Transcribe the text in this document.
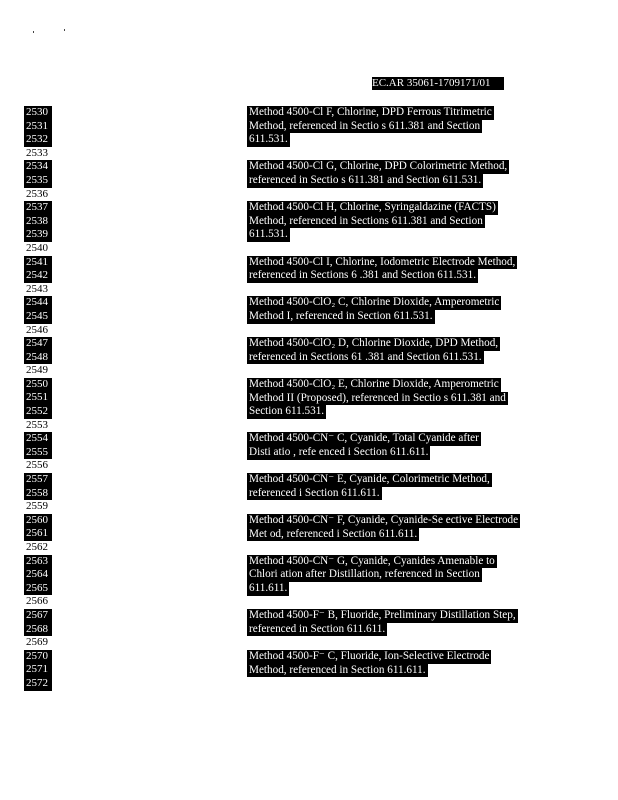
EC.AR 35061-1709171/01
2530
2531
2532
2533
2534
2535
2536
2537
2538
2539
2540
2541
2542
2543
2544
2545
2546
2547
2548
2549
2550
2551
2552
2553
2554
2555
2556
2557
2558
2559
2560
2561
2562
2563
2564
2565
2566
2567
2568
2569
2570
2571
2572
Method 4500-Cl F, Chlorine, DPD Ferrous Titrimetric
Method, referenced in Sectio s 611.381 and Section
611.531.
Method 4500-Cl G, Chlorine, DPD Colorimetric Method,
referenced in Sectio s 611.381 and Section 611.531.
Method 4500-Cl H, Chlorine, Syringaldazine (FACTS)
Method, referenced in Sections 611.381 and Section
611.531.
Method 4500-Cl I, Chlorine, Iodometric Electrode Method,
referenced in Sections 6 .381 and Section 611.531.
Method 4500-ClO₂ C, Chlorine Dioxide, Amperometric
Method I, referenced in Section 611.531.
Method 4500-ClO₂ D, Chlorine Dioxide, DPD Method,
referenced in Sections 61 .381 and Section 611.531.
Method 4500-ClO₂ E, Chlorine Dioxide, Amperometric
Method II (Proposed), referenced in Sectio s 611.381 and
Section 611.531.
Method 4500-CN⁻ C, Cyanide, Total Cyanide after
Disti atio , refe enced i Section 611.611.
Method 4500-CN⁻ E, Cyanide, Colorimetric Method,
referenced i Section 611.611.
Method 4500-CN⁻ F, Cyanide, Cyanide-Se ective Electrode
Met od, referenced i Section 611.611.
Method 4500-CN⁻ G, Cyanide, Cyanides Amenable to
Chlori ation after Distillation, referenced in Section
611.611.
Method 4500-F⁻ B, Fluoride, Preliminary Distillation Step,
referenced in Section 611.611.
Method 4500-F⁻ C, Fluoride, Ion-Selective Electrode
Method, referenced in Section 611.611.
